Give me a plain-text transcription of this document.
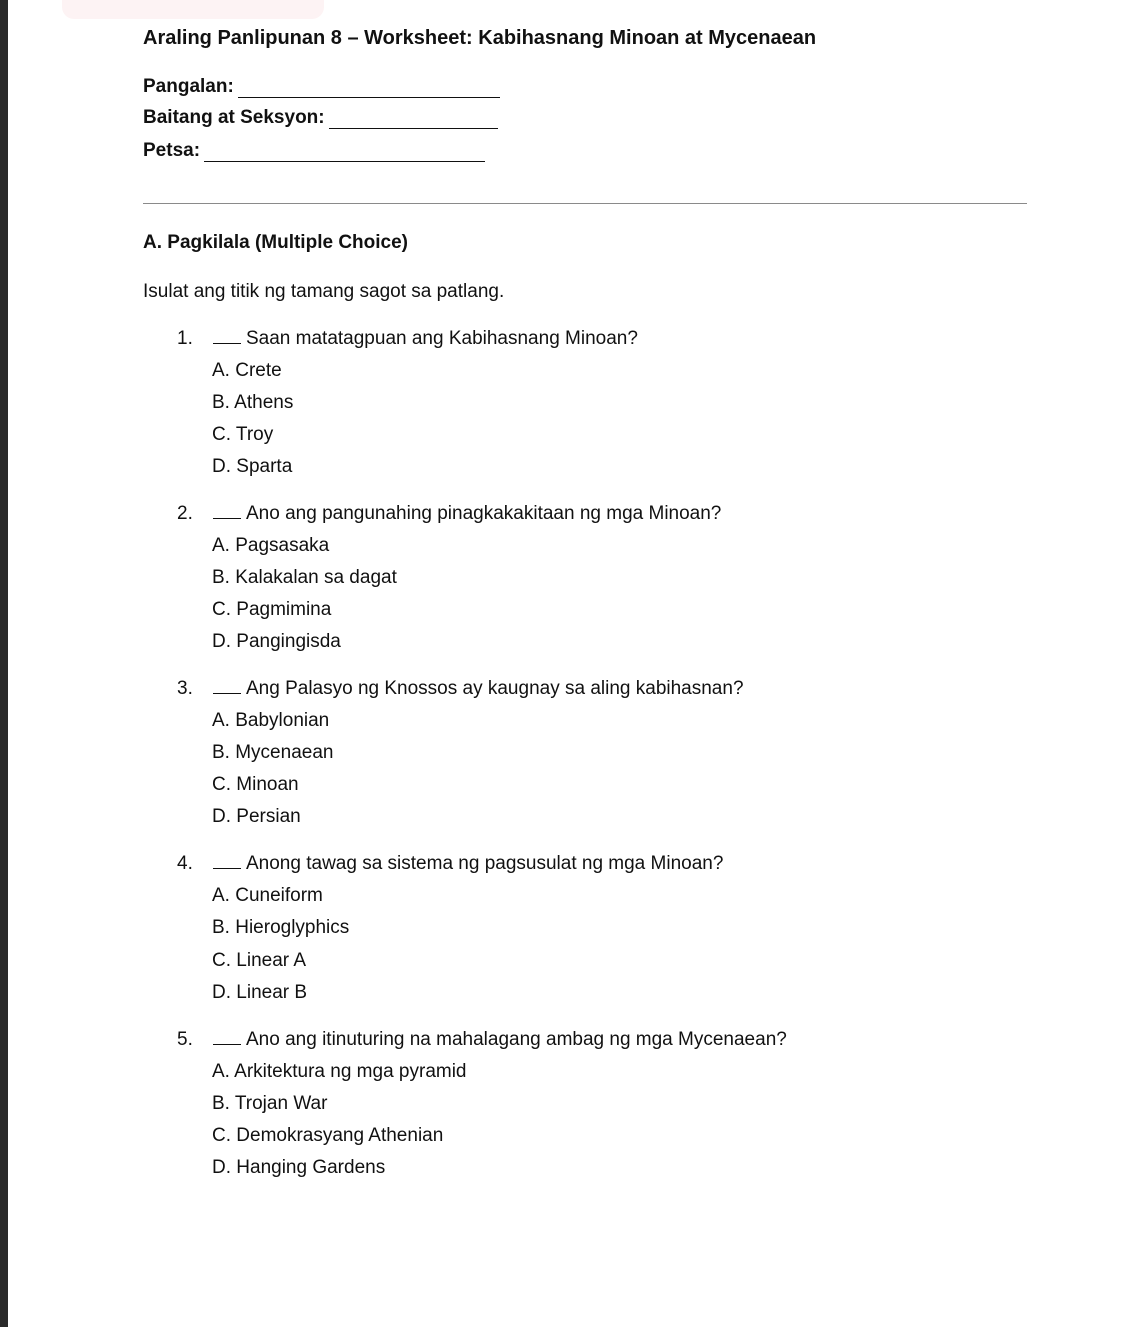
Araling Panlipunan 8 – Worksheet: Kabihasnang Minoan at Mycenaean
Pangalan:
Baitang at Seksyon:
Petsa:
A. Pagkilala (Multiple Choice)
Isulat ang titik ng tamang sagot sa patlang.
1.	Saan matatagpuan ang Kabihasnang Minoan?
A. Crete
B. Athens
C. Troy
D. Sparta
2.	Ano ang pangunahing pinagkakakitaan ng mga Minoan?
A. Pagsasaka
B. Kalakalan sa dagat
C. Pagmimina
D. Pangingisda
3.	Ang Palasyo ng Knossos ay kaugnay sa aling kabihasnan?
A. Babylonian
B. Mycenaean
C. Minoan
D. Persian
4.	Anong tawag sa sistema ng pagsusulat ng mga Minoan?
A. Cuneiform
B. Hieroglyphics
C. Linear A
D. Linear B
5.	Ano ang itinuturing na mahalagang ambag ng mga Mycenaean?
A. Arkitektura ng mga pyramid
B. Trojan War
C. Demokrasyang Athenian
D. Hanging Gardens
